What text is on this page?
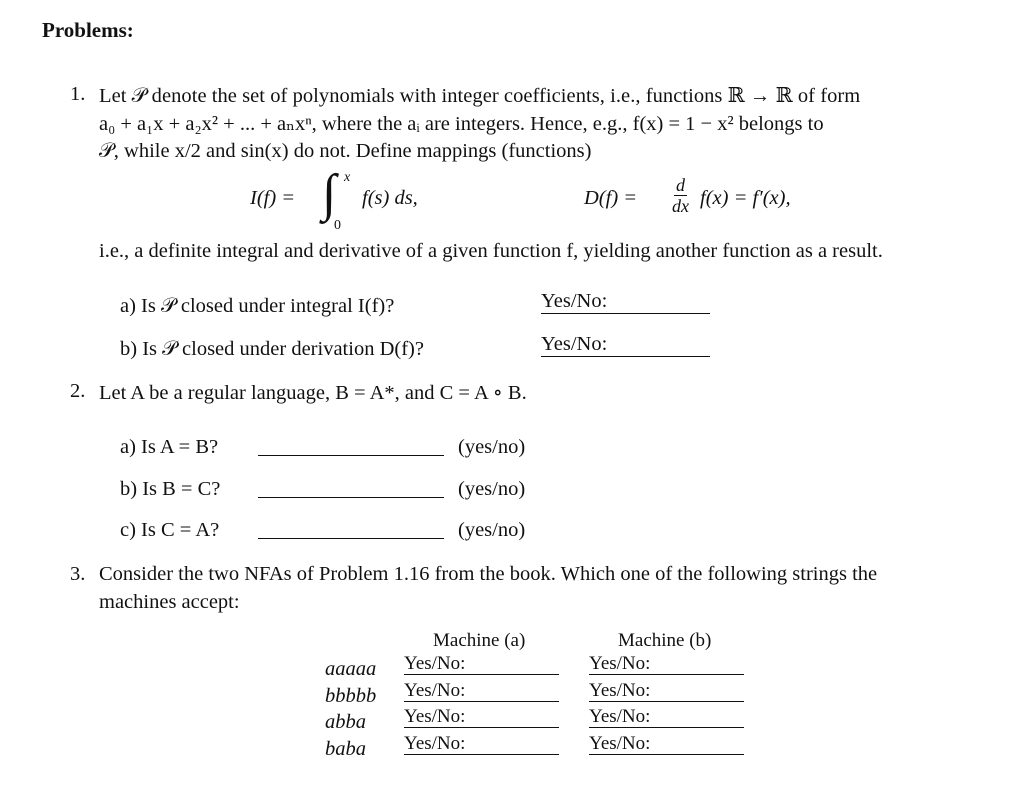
Problems:
1. Let 𝒫 denote the set of polynomials with integer coefficients, i.e., functions ℝ → ℝ of form
a₀ + a₁x + a₂x² + ... + aₙxⁿ, where the aᵢ are integers. Hence, e.g., f(x) = 1 − x² belongs to
𝒫, while x/2 and sin(x) do not. Define mappings (functions)
I(f) = ∫ x
0
f(s) ds,	$D(f) = \frac{d}{dx} f(x) = f'(x)$,
i.e., a definite integral and derivative of a given function f, yielding another function as a result.
a) Is 𝒫 closed under integral I(f)?	Yes/No:
b) Is 𝒫 closed under derivation D(f)?	Yes/No:
2. Let A be a regular language, B = A*, and C = A ∘ B.
a) Is A = B?	(yes/no)
b) Is B = C?	(yes/no)
c) Is C = A?	(yes/no)
3. Consider the two NFAs of Problem 1.16 from the book. Which one of the following strings the
machines accept:
Machine (a)	Machine (b)
aaaaa Yes/No:	Yes/No:
bbbbb Yes/No:	Yes/No:
abba Yes/No:	Yes/No:
baba Yes/No:	Yes/No:
